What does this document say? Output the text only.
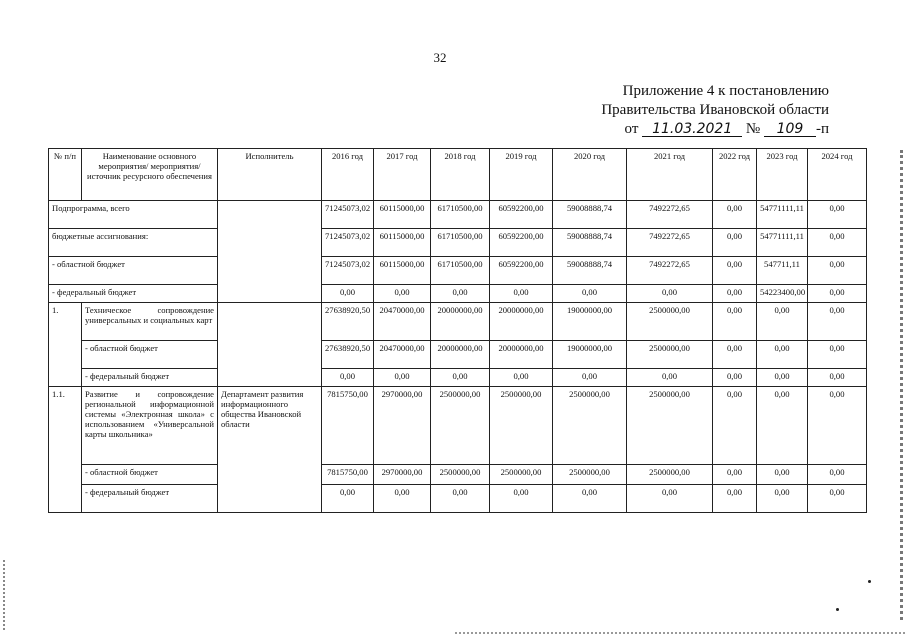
32
Приложение 4 к постановлению
Правительства Ивановской области
от 11.03.2021 № 109 -п
№ п/п	Наименование основного мероприятия/ мероприятия/источник ресурсного обеспечения	Исполнитель	2016 год	2017 год	2018 год	2019 год	2020 год	2021 год	2022 год	2023 год	2024 год
Подпрограмма, всего			71245073,02	60115000,00	61710500,00	60592200,00	59008888,74	7492272,65	0,00	54771111,11	0,00
бюджетные ассигнования:			71245073,02	60115000,00	61710500,00	60592200,00	59008888,74	7492272,65	0,00	54771111,11	0,00
- областной бюджет			71245073,02	60115000,00	61710500,00	60592200,00	59008888,74	7492272,65	0,00	547711,11	0,00
- федеральный бюджет			0,00	0,00	0,00	0,00	0,00	0,00	0,00	54223400,00	0,00
1.	Техническое сопровождение универсальных и социальных карт		27638920,50	20470000,00	20000000,00	20000000,00	19000000,00	2500000,00	0,00	0,00	0,00
	- областной бюджет		27638920,50	20470000,00	20000000,00	20000000,00	19000000,00	2500000,00	0,00	0,00	0,00
	- федеральный бюджет		0,00	0,00	0,00	0,00	0,00	0,00	0,00	0,00	0,00
1.1.	Развитие и сопровождение региональной информационной системы «Электронная школа» с использованием «Универсальной карты школьника»	Департамент развития информационного общества Ивановской области	7815750,00	2970000,00	2500000,00	2500000,00	2500000,00	2500000,00	0,00	0,00	0,00
	- областной бюджет		7815750,00	2970000,00	2500000,00	2500000,00	2500000,00	2500000,00	0,00	0,00	0,00
	- федеральный бюджет		0,00	0,00	0,00	0,00	0,00	0,00	0,00	0,00	0,00
